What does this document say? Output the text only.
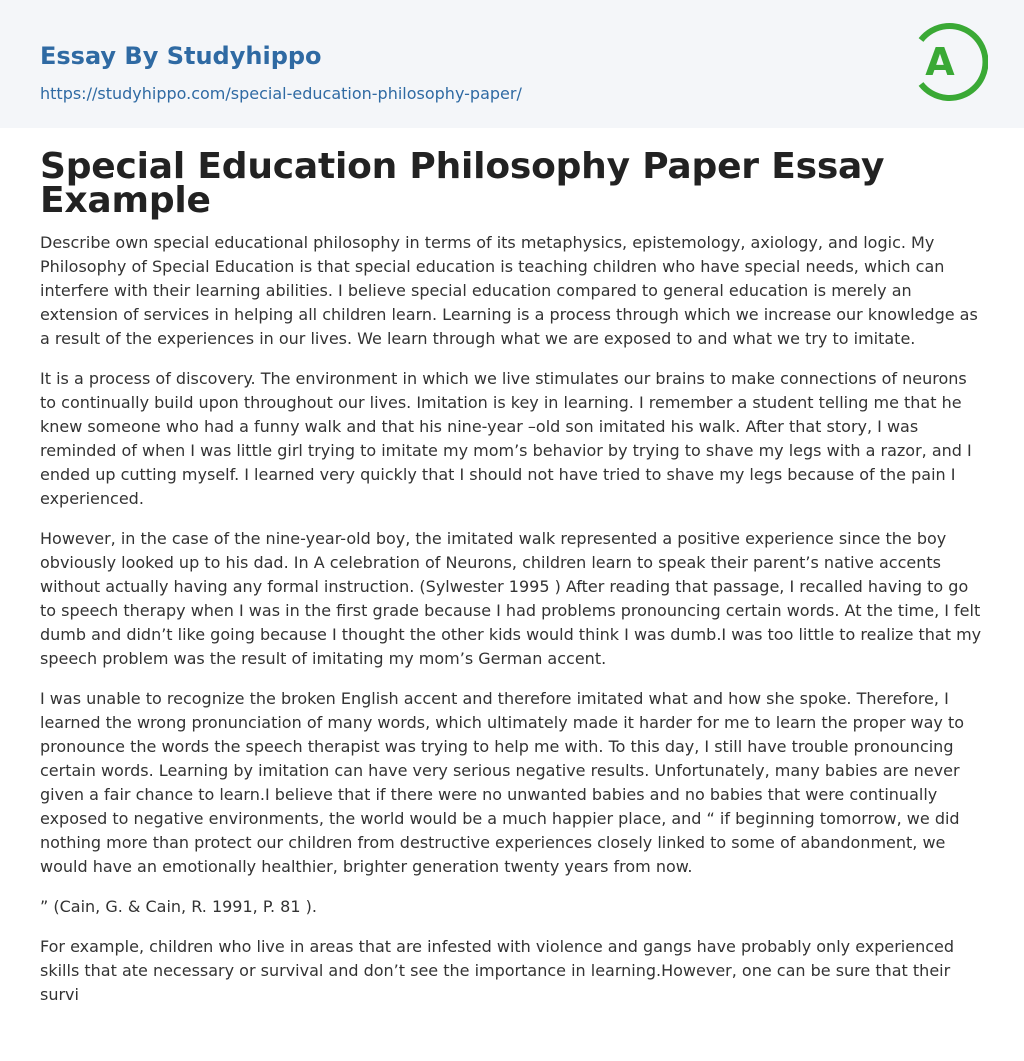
Essay By Studyhippo
https://studyhippo.com/special-education-philosophy-paper/
A
Special Education Philosophy Paper Essay Example

Describe own special educational philosophy in terms of its metaphysics, epistemology, axiology, and logic. My Philosophy of Special Education is that special education is teaching children who have special needs, which can interfere with their learning abilities. I believe special education compared to general education is merely an extension of services in helping all children learn. Learning is a process through which we increase our knowledge as a result of the experiences in our lives. We learn through what we are exposed to and what we try to imitate.

It is a process of discovery. The environment in which we live stimulates our brains to make connections of neurons to continually build upon throughout our lives. Imitation is key in learning. I remember a student telling me that he knew someone who had a funny walk and that his nine-year –old son imitated his walk. After that story, I was reminded of when I was little girl trying to imitate my mom’s behavior by trying to shave my legs with a razor, and I ended up cutting myself. I learned very quickly that I should not have tried to shave my legs because of the pain I experienced.

However, in the case of the nine-year-old boy, the imitated walk represented a positive experience since the boy obviously looked up to his dad. In A celebration of Neurons, children learn to speak their parent’s native accents without actually having any formal instruction. (Sylwester 1995 ) After reading that passage, I recalled having to go to speech therapy when I was in the first grade because I had problems pronouncing certain words. At the time, I felt dumb and didn’t like going because I thought the other kids would think I was dumb.I was too little to realize that my speech problem was the result of imitating my mom’s German accent.

I was unable to recognize the broken English accent and therefore imitated what and how she spoke. Therefore, I learned the wrong pronunciation of many words, which ultimately made it harder for me to learn the proper way to pronounce the words the speech therapist was trying to help me with. To this day, I still have trouble pronouncing certain words. Learning by imitation can have very serious negative results. Unfortunately, many babies are never given a fair chance to learn.I believe that if there were no unwanted babies and no babies that were continually exposed to negative environments, the world would be a much happier place, and “ if beginning tomorrow, we did nothing more than protect our children from destructive experiences closely linked to some of abandonment, we would have an emotionally healthier, brighter generation twenty years from now.

” (Cain, G. & Cain, R. 1991, P. 81 ).

For example, children who live in areas that are infested with violence and gangs have probably only experienced skills that ate necessary or survival and don’t see the importance in learning.However, one can be sure that their survi
